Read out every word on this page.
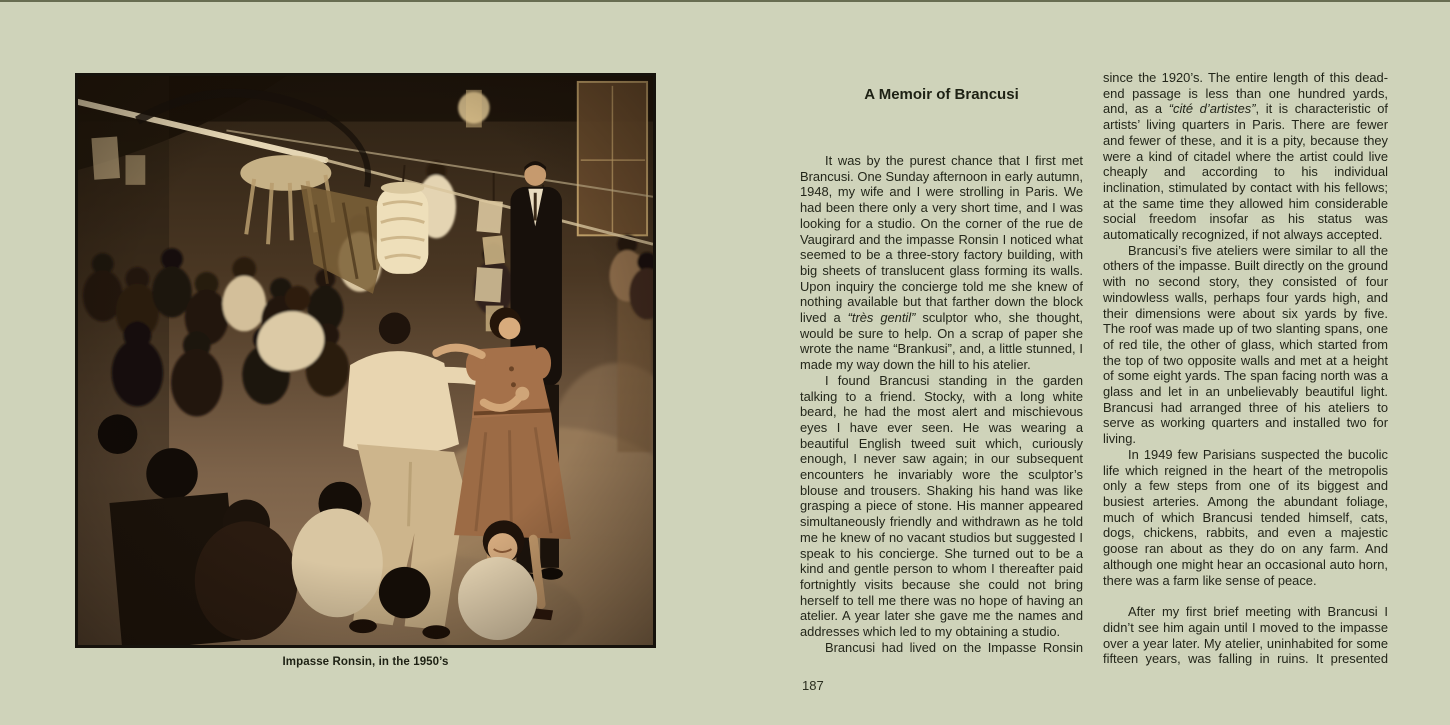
Impasse Ronsin, in the 1950’s
A Memoir of Brancusi

It was by the purest chance that I first met Brancusi. One Sunday afternoon in early autumn, 1948, my wife and I were strolling in Paris. We had been there only a very short time, and I was looking for a studio. On the corner of the rue de Vaugirard and the impasse Ronsin I noticed what seemed to be a three-story factory building, with big sheets of translucent glass forming its walls. Upon inquiry the concierge told me she knew of nothing available but that farther down the block lived a “très gentil” sculptor who, she thought, would be sure to help. On a scrap of paper she wrote the name “Brankusi”, and, a little stunned, I made my way down the hill to his atelier.

I found Brancusi standing in the garden talking to a friend. Stocky, with a long white beard, he had the most alert and mischievous eyes I have ever seen. He was wearing a beautiful English tweed suit which, curiously enough, I never saw again; in our subsequent encounters he invariably wore the sculptor’s blouse and trousers. Shaking his hand was like grasping a piece of stone. His manner appeared simultaneously friendly and withdrawn as he told me he knew of no vacant studios but suggested I speak to his concierge. She turned out to be a kind and gentle person to whom I thereafter paid fortnightly visits because she could not bring herself to tell me there was no hope of having an atelier. A year later she gave me the names and addresses which led to my obtaining a studio.

Brancusi had lived on the Impasse Ronsin

since the 1920’s. The entire length of this dead-end passage is less than one hundred yards, and, as a “cité d’artistes”, it is characteristic of artists’ living quarters in Paris. There are fewer and fewer of these, and it is a pity, because they were a kind of citadel where the artist could live cheaply and according to his individual inclination, stimulated by contact with his fellows; at the same time they allowed him considerable social freedom insofar as his status was automatically recognized, if not always accepted.

Brancusi’s five ateliers were similar to all the others of the impasse. Built directly on the ground with no second story, they consisted of four windowless walls, perhaps four yards high, and their dimensions were about six yards by five. The roof was made up of two slanting spans, one of red tile, the other of glass, which started from the top of two opposite walls and met at a height of some eight yards. The span facing north was a glass and let in an unbelievably beautiful light. Brancusi had arranged three of his ateliers to serve as working quarters and installed two for living.

In 1949 few Parisians suspected the bucolic life which reigned in the heart of the metropolis only a few steps from one of its biggest and busiest arteries. Among the abundant foliage, much of which Brancusi tended himself, cats, dogs, chickens, rabbits, and even a majestic goose ran about as they do on any farm. And although one might hear an occasional auto horn, there was a farm like sense of peace.

After my first brief meeting with Brancusi I didn’t see him again until I moved to the impasse over a year later. My atelier, uninhabited for some fifteen years, was falling in ruins. It presented

187
